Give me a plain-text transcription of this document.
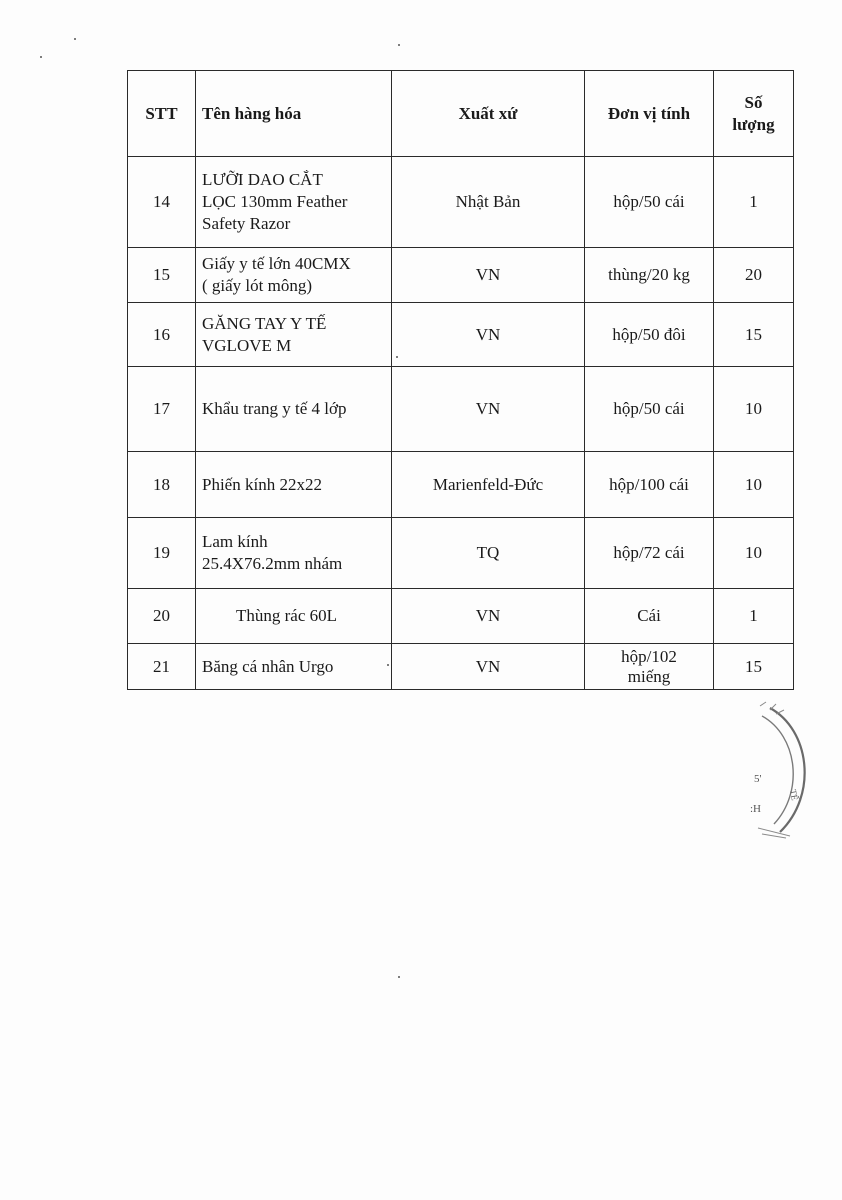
STT	Tên hàng hóa	Xuất xứ	Đơn vị tính	Số
lượng

14	LƯỠI DAO CẮT
LỌC 130mm Feather
Safety Razor	Nhật Bản	hộp/50 cái	1
15	Giấy y tế lớn 40CMX
( giấy lót mông)	VN	thùng/20 kg	20
16	GĂNG TAY Y TẾ
VGLOVE M	VN	hộp/50 đôi	15
17	Khẩu trang y tế 4 lớp	VN	hộp/50 cái	10
18	Phiến kính 22x22	Marienfeld-Đức	hộp/100 cái	10
19	Lam kính
25.4X76.2mm nhám	TQ	hộp/72 cái	10
20	Thùng rác 60L	VN	Cái	1
21	Băng cá nhân Urgo	VN	hộp/102
miếng	15
5'
:H
TẾ
